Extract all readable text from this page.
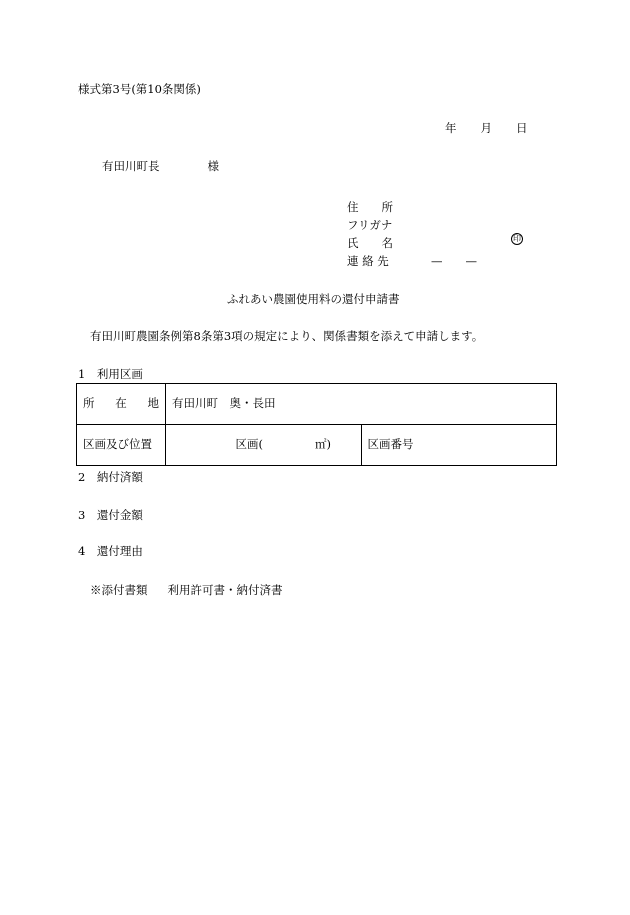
様式第3号(第10条関係)
年 月 日
有田川町長	様
住　　所
フリガナ
氏　　名	印
連 絡 先	—　　—
ふれあい農園使用料の還付申請書
有田川町農園条例第8条第3項の規定により、関係書類を添えて申請します。
1　利用区画
所 在 地	有田川町　奥・長田	
区画及び位置	区画( ㎡)	区画番号
2　納付済額
3　還付金額
4　還付理由
※添付書類 利用許可書・納付済書
